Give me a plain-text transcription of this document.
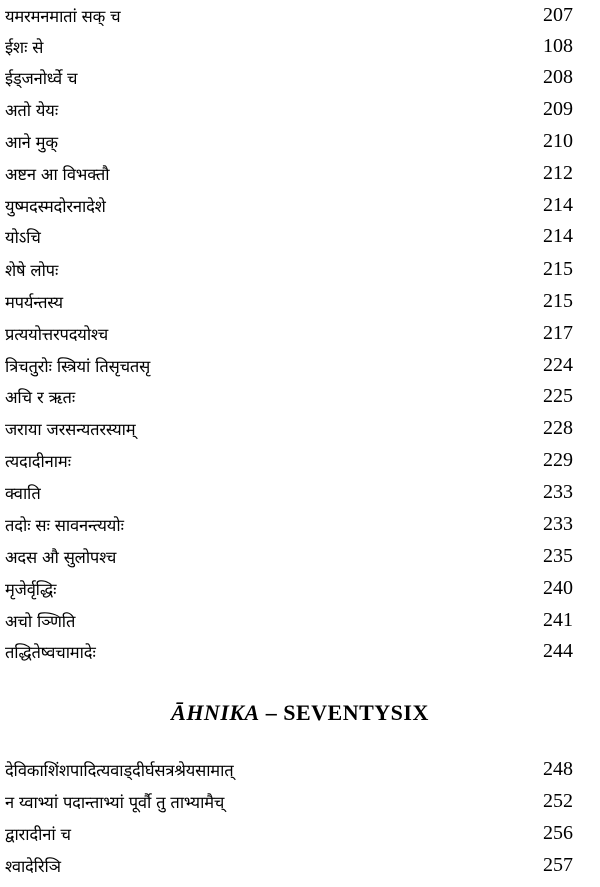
यमरमनमातां सक् च	207
ईशः से	108
ईड्जनोर्ध्वे च	208
अतो येयः	209
आने मुक्	210
अष्टन आ विभक्तौ	212
युष्मदस्मदोरनादेशे	214
योऽचि	214
शेषे लोपः	215
मपर्यन्तस्य	215
प्रत्ययोत्तरपदयोश्च	217
त्रिचतुरोः स्त्रियां तिसृचतसृ	224
अचि र ऋतः	225
जराया जरसन्यतरस्याम्	228
त्यदादीनामः	229
क्वाति	233
तदोः सः सावनन्त्ययोः	233
अदस औ सुलोपश्च	235
मृजेर्वृद्धिः	240
अचो ञ्णिति	241
तद्धितेष्वचामादेः	244
ĀHNIKA – SEVENTYSIX
देविकाशिंशपादित्यवाड्दीर्घसत्रश्रेयसामात्	248
न य्वाभ्यां पदान्ताभ्यां पूर्वौ तु ताभ्यामैच्	252
द्वारादीनां च	256
श्वादेरिञि	257
